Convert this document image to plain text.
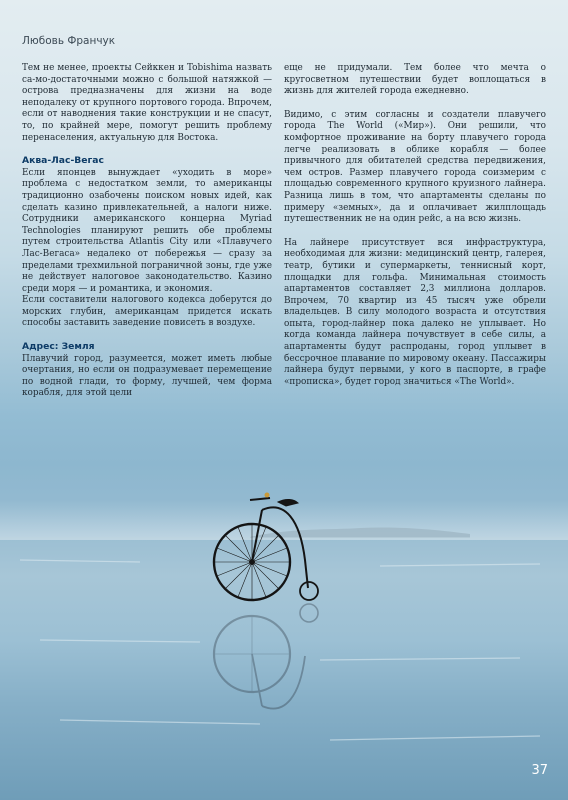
Любовь Франчук

Тем не менее, проекты Сейккен и Tobishima назвать са-мо-достаточными можно с большой натяжкой — острова предназначены для жизни на воде неподалеку от крупного портового города. Впрочем, если от наводнения такие конструкции и не спасут, то, по крайней мере, помогут решить проблему перенаселения, актуальную для Востока.

Аква-Лас-Вегас

Если японцев вынуждает «уходить в море» проблема с недостатком земли, то американцы традиционно озабочены поиском новых идей, как сделать казино привлекательней, а налоги ниже. Сотрудники американского концерна Myriad Technologies планируют решить обе проблемы путем строительства Atlantis City или «Плавучего Лас-Вегаса» недалеко от побережья — сразу за пределами трехмильной пограничной зоны, где уже не действует налоговое законодательство. Казино среди моря — и романтика, и экономия.

Если составители налогового кодекса доберутся до морских глубин, американцам придется искать способы заставить заведение повисеть в воздухе.

Адрес: Земля

Плавучий город, разумеется, может иметь любые очертания, но если он подразумевает перемещение по водной глади, то форму, лучшей, чем форма корабля, для этой цели

еще не придумали. Тем более что мечта о кругосветном путешествии будет воплощаться в жизнь для жителей города ежедневно.

Видимо, с этим согласны и создатели плавучего города The World («Мир»). Они решили, что комфортное проживание на борту плавучего города легче реализовать в облике корабля — более привычного для обитателей средства передвижения, чем остров. Размер плавучего города соизмерим с площадью современного крупного круизного лайнера. Разница лишь в том, что апартаменты сделаны по примеру «земных», да и оплачивает жилплощадь путешественник не на один рейс, а на всю жизнь.

На лайнере присутствует вся инфраструктура, необходимая для жизни: медицинский центр, галерея, театр, бутики и супермаркеты, теннисный корт, площадки для гольфа. Минимальная стоимость апартаментов составляет 2,3 миллиона долларов. Впрочем, 70 квартир из 45 тысяч уже обрели владельцев. В силу молодого возраста и отсутствия опыта, город-лайнер пока далеко не уплывает. Но когда команда лайнера почувствует в себе силы, а апартаменты будут распроданы, город уплывет в бессрочное плавание по мировому океану. Пассажиры лайнера будут первыми, у кого в паспорте, в графе «прописка», будет город значиться «The World».

37
